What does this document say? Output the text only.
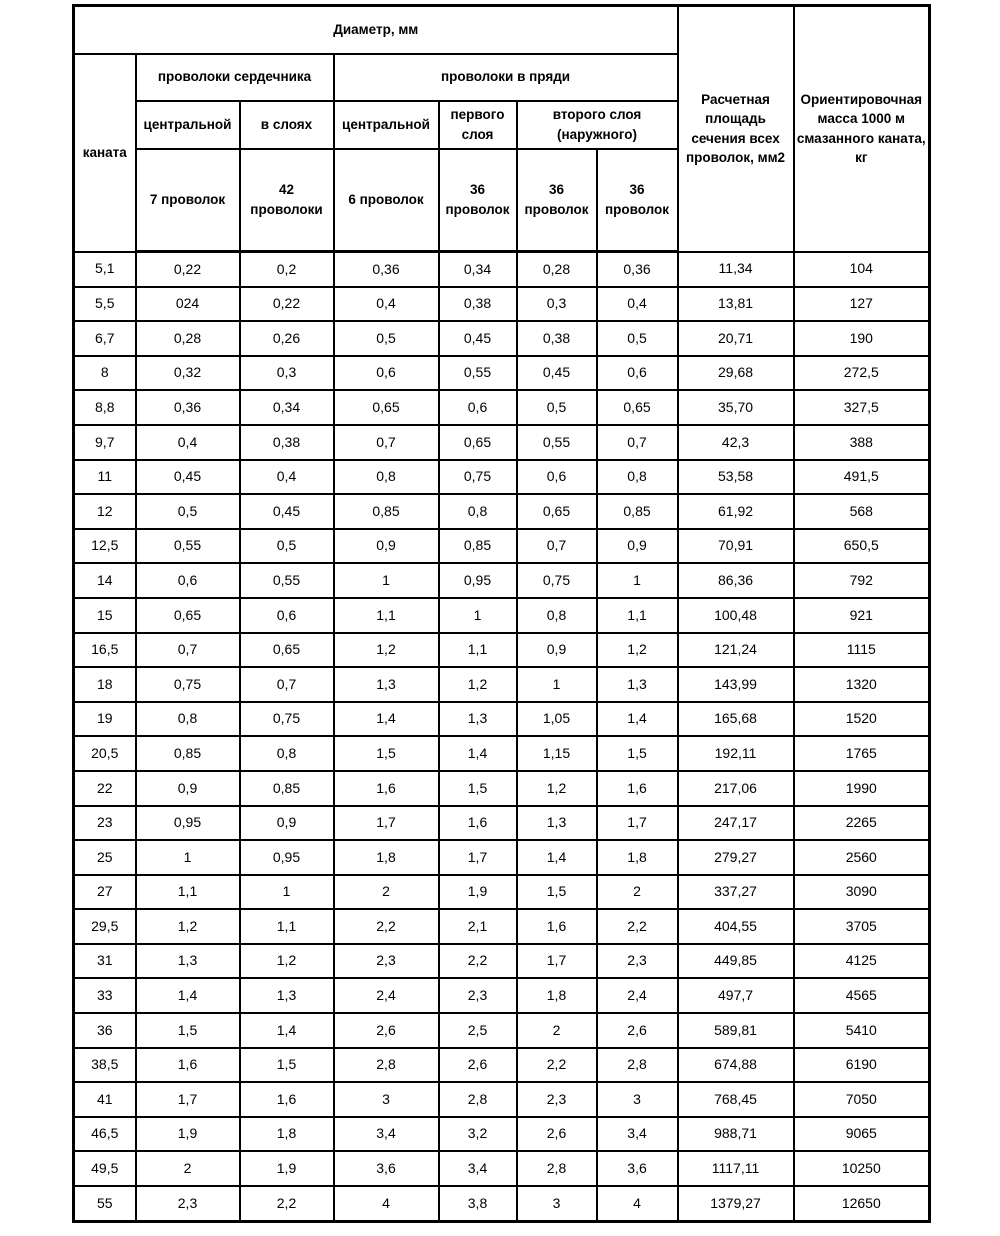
Диаметр, мм							Расчетная площадь сечения всех проволок, мм2	Ориентировочная масса 1000 м смазанного каната, кг
каната	проволоки сердечника		проволоки в пряди					
	центральной	в слоях	центральной	первого слоя	второго слоя (наружного)			
	7 проволок	42 проволоки	6 проволок	36 проволок	36 проволок	36 проволок		
5,1	0,22	0,2	0,36	0,34	0,28	0,36	11,34	104
5,5	024	0,22	0,4	0,38	0,3	0,4	13,81	127
6,7	0,28	0,26	0,5	0,45	0,38	0,5	20,71	190
8	0,32	0,3	0,6	0,55	0,45	0,6	29,68	272,5
8,8	0,36	0,34	0,65	0,6	0,5	0,65	35,70	327,5
9,7	0,4	0,38	0,7	0,65	0,55	0,7	42,3	388
11	0,45	0,4	0,8	0,75	0,6	0,8	53,58	491,5
12	0,5	0,45	0,85	0,8	0,65	0,85	61,92	568
12,5	0,55	0,5	0,9	0,85	0,7	0,9	70,91	650,5
14	0,6	0,55	1	0,95	0,75	1	86,36	792
15	0,65	0,6	1,1	1	0,8	1,1	100,48	921
16,5	0,7	0,65	1,2	1,1	0,9	1,2	121,24	1115
18	0,75	0,7	1,3	1,2	1	1,3	143,99	1320
19	0,8	0,75	1,4	1,3	1,05	1,4	165,68	1520
20,5	0,85	0,8	1,5	1,4	1,15	1,5	192,11	1765
22	0,9	0,85	1,6	1,5	1,2	1,6	217,06	1990
23	0,95	0,9	1,7	1,6	1,3	1,7	247,17	2265
25	1	0,95	1,8	1,7	1,4	1,8	279,27	2560
27	1,1	1	2	1,9	1,5	2	337,27	3090
29,5	1,2	1,1	2,2	2,1	1,6	2,2	404,55	3705
31	1,3	1,2	2,3	2,2	1,7	2,3	449,85	4125
33	1,4	1,3	2,4	2,3	1,8	2,4	497,7	4565
36	1,5	1,4	2,6	2,5	2	2,6	589,81	5410
38,5	1,6	1,5	2,8	2,6	2,2	2,8	674,88	6190
41	1,7	1,6	3	2,8	2,3	3	768,45	7050
46,5	1,9	1,8	3,4	3,2	2,6	3,4	988,71	9065
49,5	2	1,9	3,6	3,4	2,8	3,6	1117,11	10250
55	2,3	2,2	4	3,8	3	4	1379,27	12650
